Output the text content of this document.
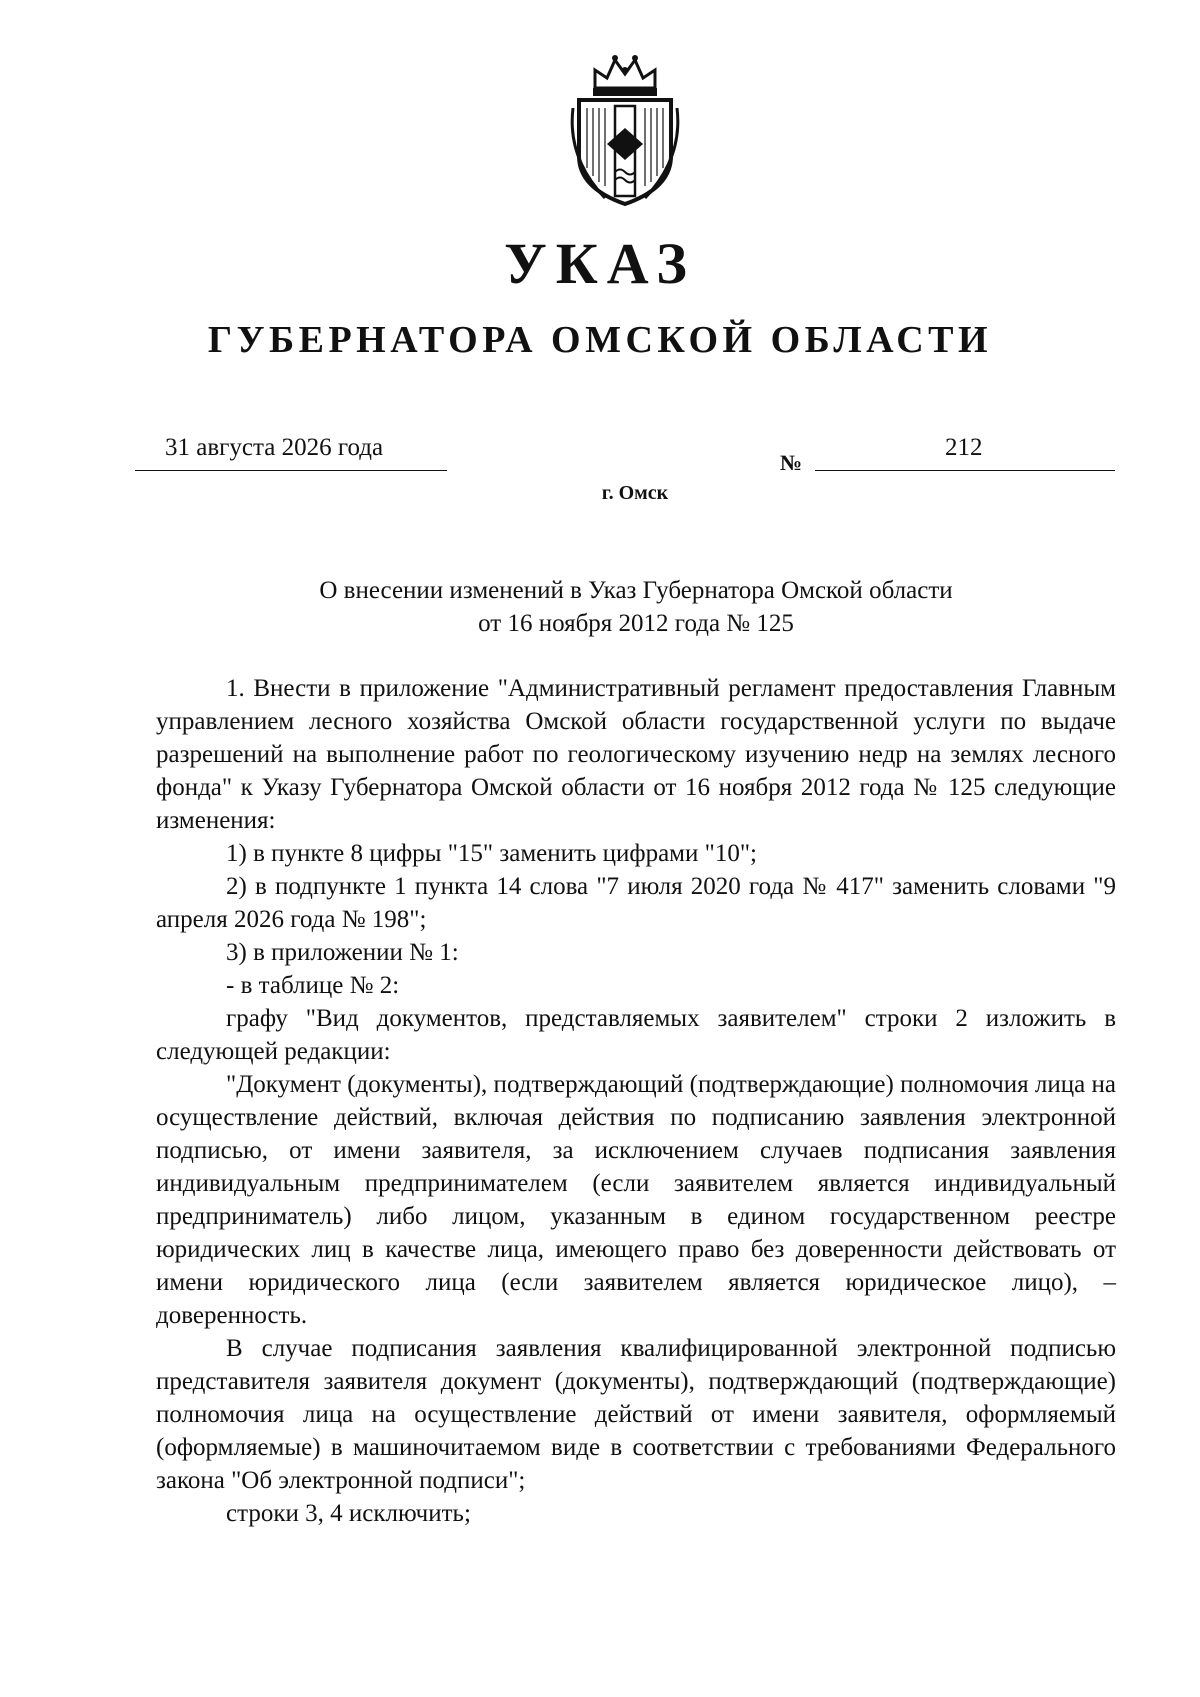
УКАЗ
ГУБЕРНАТОРА ОМСКОЙ ОБЛАСТИ
31 августа 2026 года
№
212
г. Омск
О внесении изменений в Указ Губернатора Омской области
от 16 ноября 2012 года № 125

1. Внести в приложение "Административный регламент предоставления Главным управлением лесного хозяйства Омской области государственной услуги по выдаче разрешений на выполнение работ по геологическому изучению недр на землях лесного фонда" к Указу Губернатора Омской области от 16 ноября 2012 года № 125 следующие изменения:

1) в пункте 8 цифры "15" заменить цифрами "10";

2) в подпункте 1 пункта 14 слова "7 июля 2020 года № 417" заменить словами "9 апреля 2026 года № 198";

3) в приложении № 1:

- в таблице № 2:

графу "Вид документов, представляемых заявителем" строки 2 изложить в следующей редакции:

"Документ (документы), подтверждающий (подтверждающие) полномочия лица на осуществление действий, включая действия по подписанию заявления электронной подписью, от имени заявителя, за исключением случаев подписания заявления индивидуальным предпринимателем (если заявителем является индивидуальный предприниматель) либо лицом, указанным в едином государственном реестре юридических лиц в качестве лица, имеющего право без доверенности действовать от имени юридического лица (если заявителем является юридическое лицо), – доверенность.

В случае подписания заявления квалифицированной электронной подписью представителя заявителя документ (документы), подтверждающий (подтверждающие) полномочия лица на осуществление действий от имени заявителя, оформляемый (оформляемые) в машиночитаемом виде в соответствии с требованиями Федерального закона "Об электронной подписи";

строки 3, 4 исключить;
